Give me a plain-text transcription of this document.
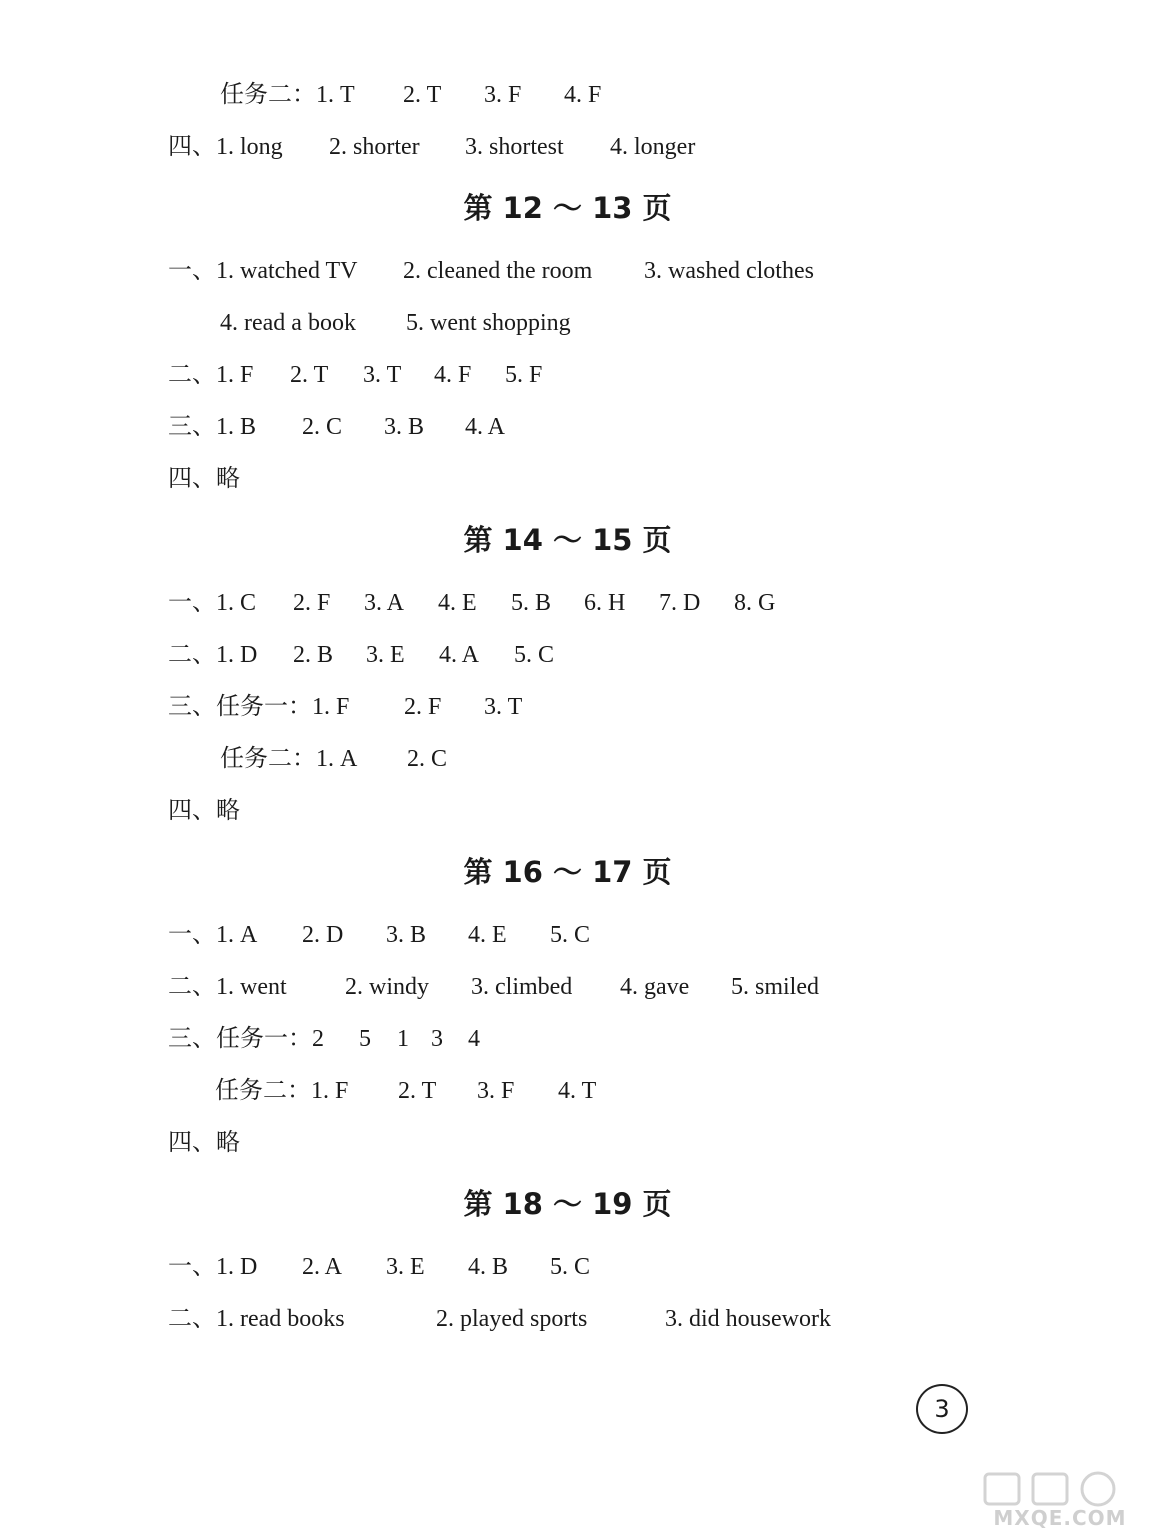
任务二：1. T 2. T 3. F 4. F
四、1. long 2. shorter 3. shortest 4. longer
第 12 ～ 13 页
一、1. watched TV 2. cleaned the room 3. washed clothes
4. read a book 5. went shopping
二、1. F 2. T 3. T 4. F 5. F
三、1. B 2. C 3. B 4. A
四、略
第 14 ～ 15 页
一、1. C 2. F 3. A 4. E 5. B 6. H 7. D 8. G
二、1. D 2. B 3. E 4. A 5. C
三、任务一：1. F 2. F 3. T
任务二：1. A 2. C
四、略
第 16 ～ 17 页
一、1. A 2. D 3. B 4. E 5. C
二、1. went 2. windy 3. climbed 4. gave 5. smiled
三、任务一：2 5 1 3 4
任务二：1. F 2. T 3. F 4. T
四、略
第 18 ～ 19 页
一、1. D 2. A 3. E 4. B 5. C
二、1. read books	2. played sports	3. did housework
3
MXQE.COM
